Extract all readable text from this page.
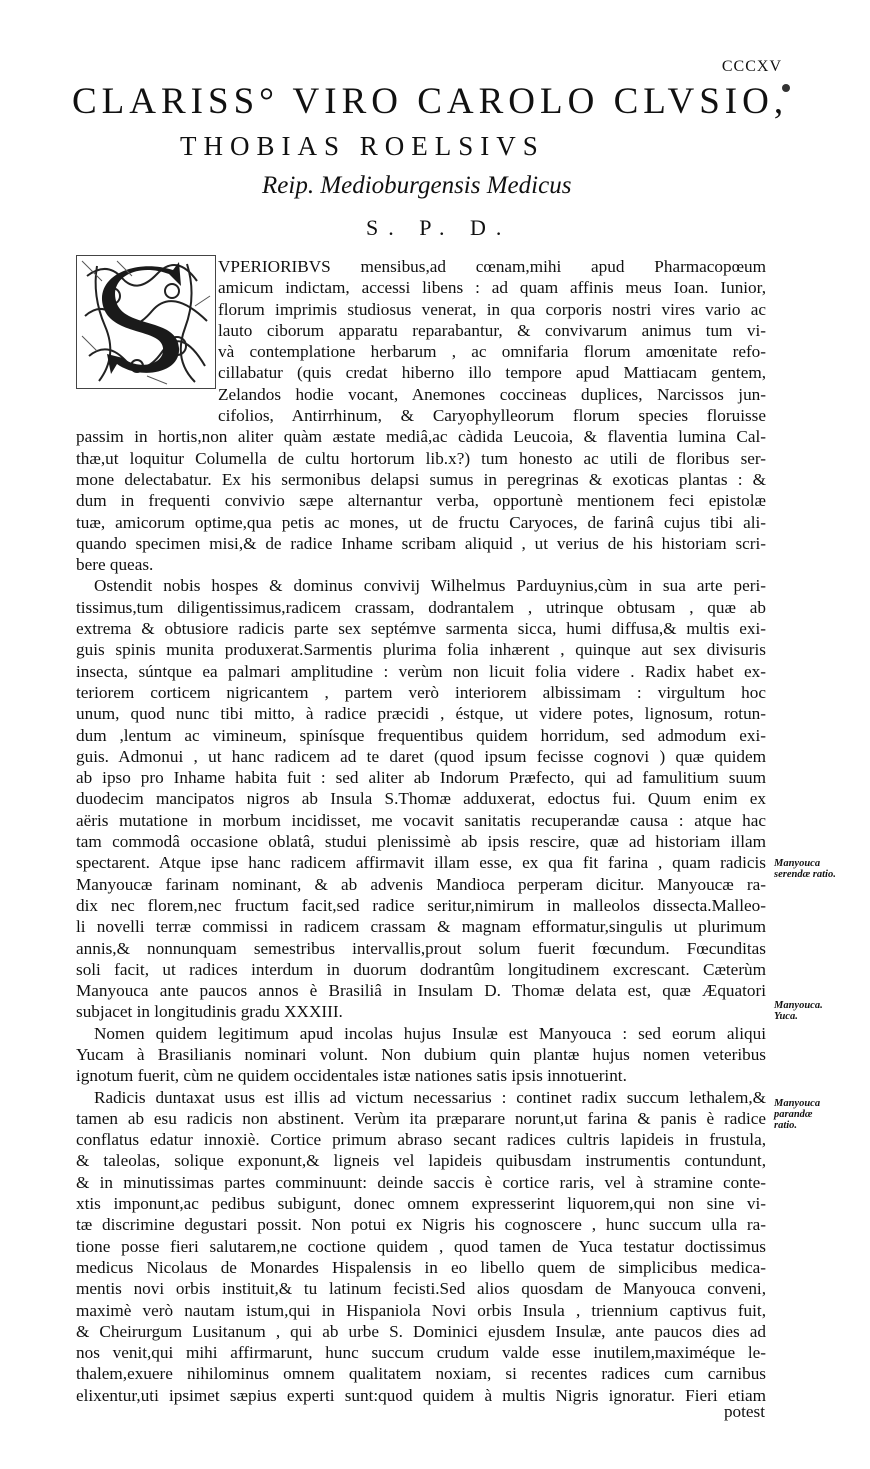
CCCXV
CLARISS° VIRO CAROLO CLVSIO,
THOBIAS ROELSIVS
Reip. Medioburgensis Medicus
S. P. D.
VPERIORIBVS mensibus,ad cœnam,mihi apud Pharmacopœum
amicum indictam, accessi libens : ad quam affinis meus Ioan. Iunior,
florum imprimis studiosus venerat, in qua corporis nostri vires vario ac
lauto ciborum apparatu reparabantur, & convivarum animus tum vi-
và contemplatione herbarum , ac omnifaria florum amœnitate refo-
cillabatur (quis credat hiberno illo tempore apud Mattiacam gentem,
Zelandos hodie vocant, Anemones coccineas duplices, Narcissos jun-
cifolios, Antirrhinum, & Caryophylleorum florum species floruisse
passim in hortis,non aliter quàm æstate mediâ,ac càdida Leucoia, & flaventia lumina Cal-
thæ,ut loquitur Columella de cultu hortorum lib.x?) tum honesto ac utili de floribus ser-
mone delectabatur. Ex his sermonibus delapsi sumus in peregrinas & exoticas plantas : &
dum in frequenti convivio sæpe alternantur verba, opportunè mentionem feci epistolæ
tuæ, amicorum optime,qua petis ac mones, ut de fructu Caryoces, de farinâ cujus tibi ali-
quando specimen misi,& de radice Inhame scribam aliquid , ut verius de his historiam scri-
bere queas.
Ostendit nobis hospes & dominus convivij Wilhelmus Parduynius,cùm in sua arte peri-
tissimus,tum diligentissimus,radicem crassam, dodrantalem , utrinque obtusam , quæ ab
extrema & obtusiore radicis parte sex septémve sarmenta sicca, humi diffusa,& multis exi-
guis spinis munita produxerat.Sarmentis plurima folia inhærent , quinque aut sex divisuris
insecta, súntque ea palmari amplitudine : verùm non licuit folia videre . Radix habet ex-
teriorem corticem nigricantem , partem verò interiorem albissimam : virgultum hoc
unum, quod nunc tibi mitto, à radice præcidi , éstque, ut videre potes, lignosum, rotun-
dum ,lentum ac vimineum, spinísque frequentibus quidem horridum, sed admodum exi-
guis. Admonui , ut hanc radicem ad te daret (quod ipsum fecisse cognovi ) quæ quidem
ab ipso pro Inhame habita fuit : sed aliter ab Indorum Præfecto, qui ad famulitium suum
duodecim mancipatos nigros ab Insula S.Thomæ adduxerat, edoctus fui. Quum enim ex
aëris mutatione in morbum incidisset, me vocavit sanitatis recuperandæ causa : atque hac
tam commodâ occasione oblatâ, studui plenissimè ab ipsis rescire, quæ ad historiam illam
spectarent. Atque ipse hanc radicem affirmavit illam esse, ex qua fit farina , quam radicis
Manyoucæ farinam nominant, & ab advenis Mandioca perperam dicitur. Manyoucæ ra-
dix nec florem,nec fructum facit,sed radice seritur,nimirum in malleolos dissecta.Malleo-
li novelli terræ commissi in radicem crassam & magnam efformatur,singulis ut plurimum
annis,& nonnunquam semestribus intervallis,prout solum fuerit fœcundum. Fœcunditas
soli facit, ut radices interdum in duorum dodrantûm longitudinem excrescant. Cæterùm
Manyouca ante paucos annos è Brasiliâ in Insulam D. Thomæ delata est, quæ Æquatori
subjacet in longitudinis gradu XXXIII.
Nomen quidem legitimum apud incolas hujus Insulæ est Manyouca : sed eorum aliqui
Yucam à Brasilianis nominari volunt. Non dubium quin plantæ hujus nomen veteribus
ignotum fuerit, cùm ne quidem occidentales istæ nationes satis ipsis innotuerint.
Radicis duntaxat usus est illis ad victum necessarius : continet radix succum lethalem,&
tamen ab esu radicis non abstinent. Verùm ita præparare norunt,ut farina & panis è radice
conflatus edatur innoxiè. Cortice primum abraso secant radices cultris lapideis in frustula,
& taleolas, solique exponunt,& ligneis vel lapideis quibusdam instrumentis contundunt,
& in minutissimas partes comminuunt: deinde saccis è cortice raris, vel à stramine conte-
xtis imponunt,ac pedibus subigunt, donec omnem expresserint liquorem,qui non sine vi-
tæ discrimine degustari possit. Non potui ex Nigris his cognoscere , hunc succum ulla ra-
tione posse fieri salutarem,ne coctione quidem , quod tamen de Yuca testatur doctissimus
medicus Nicolaus de Monardes Hispalensis in eo libello quem de simplicibus medica-
mentis novi orbis instituit,& tu latinum fecisti.Sed alios quosdam de Manyouca conveni,
maximè verò nautam istum,qui in Hispaniola Novi orbis Insula , triennium captivus fuit,
& Cheirurgum Lusitanum , qui ab urbe S. Dominici ejusdem Insulæ, ante paucos dies ad
nos venit,qui mihi affirmarunt, hunc succum crudum valde esse inutilem,maximéque le-
thalem,exuere nihilominus omnem qualitatem noxiam, si recentes radices cum carnibus
elixentur,uti ipsimet sæpius experti sunt:quod quidem à multis Nigris ignoratur. Fieri etiam
Manyouca
serendæ ratio.
Manyouca.
Yuca.
Manyouca
parandæ
ratio.
potest
